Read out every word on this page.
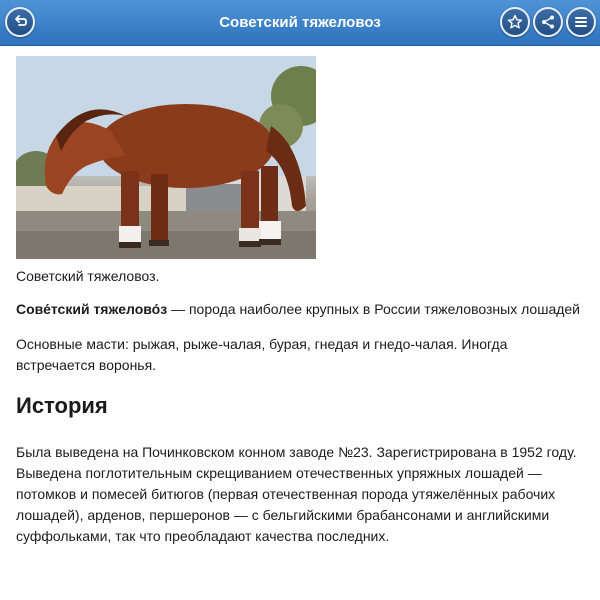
Советский тяжеловоз
Советский тяжеловоз.

Сове́тский тяжелово́з — порода наиболее крупных в России тяжеловозных лошадей

Основные масти: рыжая, рыже-чалая, бурая, гнедая и гнедо-чалая. Иногда встречается воронья.

История

Была выведена на Починковском конном заводе №23. Зарегистрирована в 1952 году. Выведена поглотительным скрещиванием отечественных упряжных лошадей — потомков и помесей битюгов (первая отечественная порода утяжелённых рабочих лошадей), арденов, першеронов — с бельгийскими брабансонами и английскими суффольками, так что преобладают качества последних.
